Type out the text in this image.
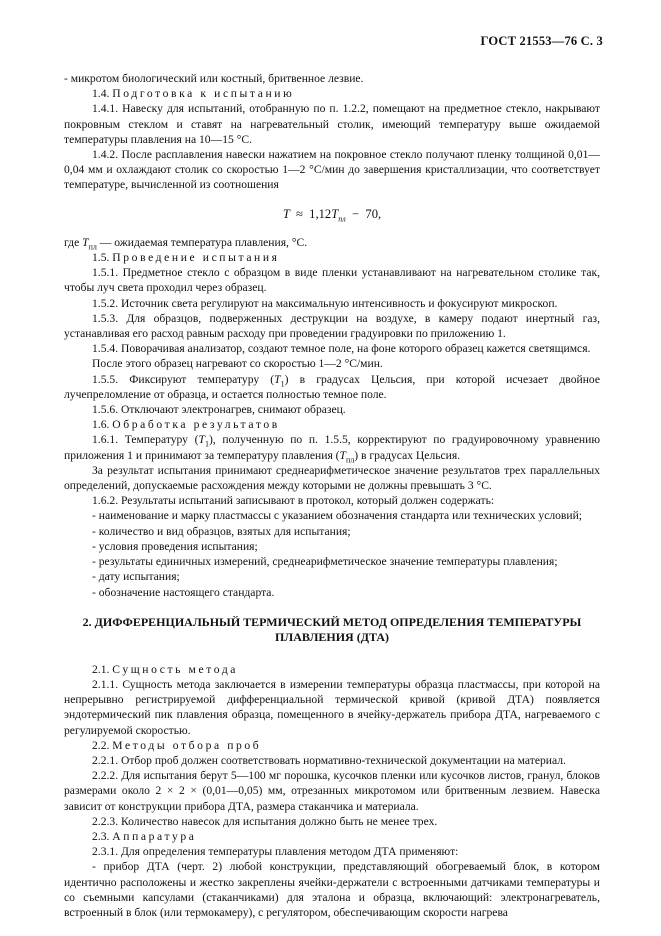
ГОСТ 21553—76 С. 3

- микротом биологический или костный, бритвенное лезвие.

1.4. Подготовка к испытанию

1.4.1. Навеску для испытаний, отобранную по п. 1.2.2, помещают на предметное стекло, накрывают покровным стеклом и ставят на нагревательный столик, имеющий температуру выше ожидаемой температуры плавления на 10—15 °С.

1.4.2. После расплавления навески нажатием на покровное стекло получают пленку толщиной 0,01—0,04 мм и охлаждают столик со скоростью 1—2 °С/мин до завершения кристаллизации, что соответствует температуре, вычисленной из соотношения

$T \approx 1,12T_{пл} - 70$,

где $T_{пл}$ — ожидаемая температура плавления, °С.

1.5. Проведение испытания

1.5.1. Предметное стекло с образцом в виде пленки устанавливают на нагревательном столике так, чтобы луч света проходил через образец.

1.5.2. Источник света регулируют на максимальную интенсивность и фокусируют микроскоп.

1.5.3. Для образцов, подверженных деструкции на воздухе, в камеру подают инертный газ, устанавливая его расход равным расходу при проведении градуировки по приложению 1.

1.5.4. Поворачивая анализатор, создают темное поле, на фоне которого образец кажется светящимся.

После этого образец нагревают со скоростью 1—2 °С/мин.

1.5.5. Фиксируют температуру $(T_1)$ в градусах Цельсия, при которой исчезает двойное лучепреломление от образца, и остается полностью темное поле.

1.5.6. Отключают электронагрев, снимают образец.

1.6. Обработка результатов

1.6.1. Температуру $(T_1)$, полученную по п. 1.5.5, корректируют по градуировочному уравнению приложения 1 и принимают за температуру плавления $(T_{пл})$ в градусах Цельсия.

За результат испытания принимают среднеарифметическое значение результатов трех параллельных определений, допускаемые расхождения между которыми не должны превышать 3 °С.

1.6.2. Результаты испытаний записывают в протокол, который должен содержать:

- наименование и марку пластмассы с указанием обозначения стандарта или технических условий;

- количество и вид образцов, взятых для испытания;

- условия проведения испытания;

- результаты единичных измерений, среднеарифметическое значение температуры плавления;

- дату испытания;

- обозначение настоящего стандарта.

2. ДИФФЕРЕНЦИАЛЬНЫЙ ТЕРМИЧЕСКИЙ МЕТОД ОПРЕДЕЛЕНИЯ ТЕМПЕРАТУРЫ ПЛАВЛЕНИЯ (ДТА)

2.1. Сущность метода

2.1.1. Сущность метода заключается в измерении температуры образца пластмассы, при которой на непрерывно регистрируемой дифференциальной термической кривой (кривой ДТА) появляется эндотермический пик плавления образца, помещенного в ячейку-держатель прибора ДТА, нагреваемого с регулируемой скоростью.

2.2. Методы отбора проб

2.2.1. Отбор проб должен соответствовать нормативно-технической документации на материал.

2.2.2. Для испытания берут 5—100 мг порошка, кусочков пленки или кусочков листов, гранул, блоков размерами около 2 × 2 × (0,01—0,05) мм, отрезанных микротомом или бритвенным лезвием. Навеска зависит от конструкции прибора ДТА, размера стаканчика и материала.

2.2.3. Количество навесок для испытания должно быть не менее трех.

2.3. Аппаратура

2.3.1. Для определения температуры плавления методом ДТА применяют:

- прибор ДТА (черт. 2) любой конструкции, представляющий обогреваемый блок, в котором идентично расположены и жестко закреплены ячейки-держатели с встроенными датчиками температуры и со съемными капсулами (стаканчиками) для эталона и образца, включающий: электронагреватель, встроенный в блок (или термокамеру), с регулятором, обеспечивающим скорости нагрева
